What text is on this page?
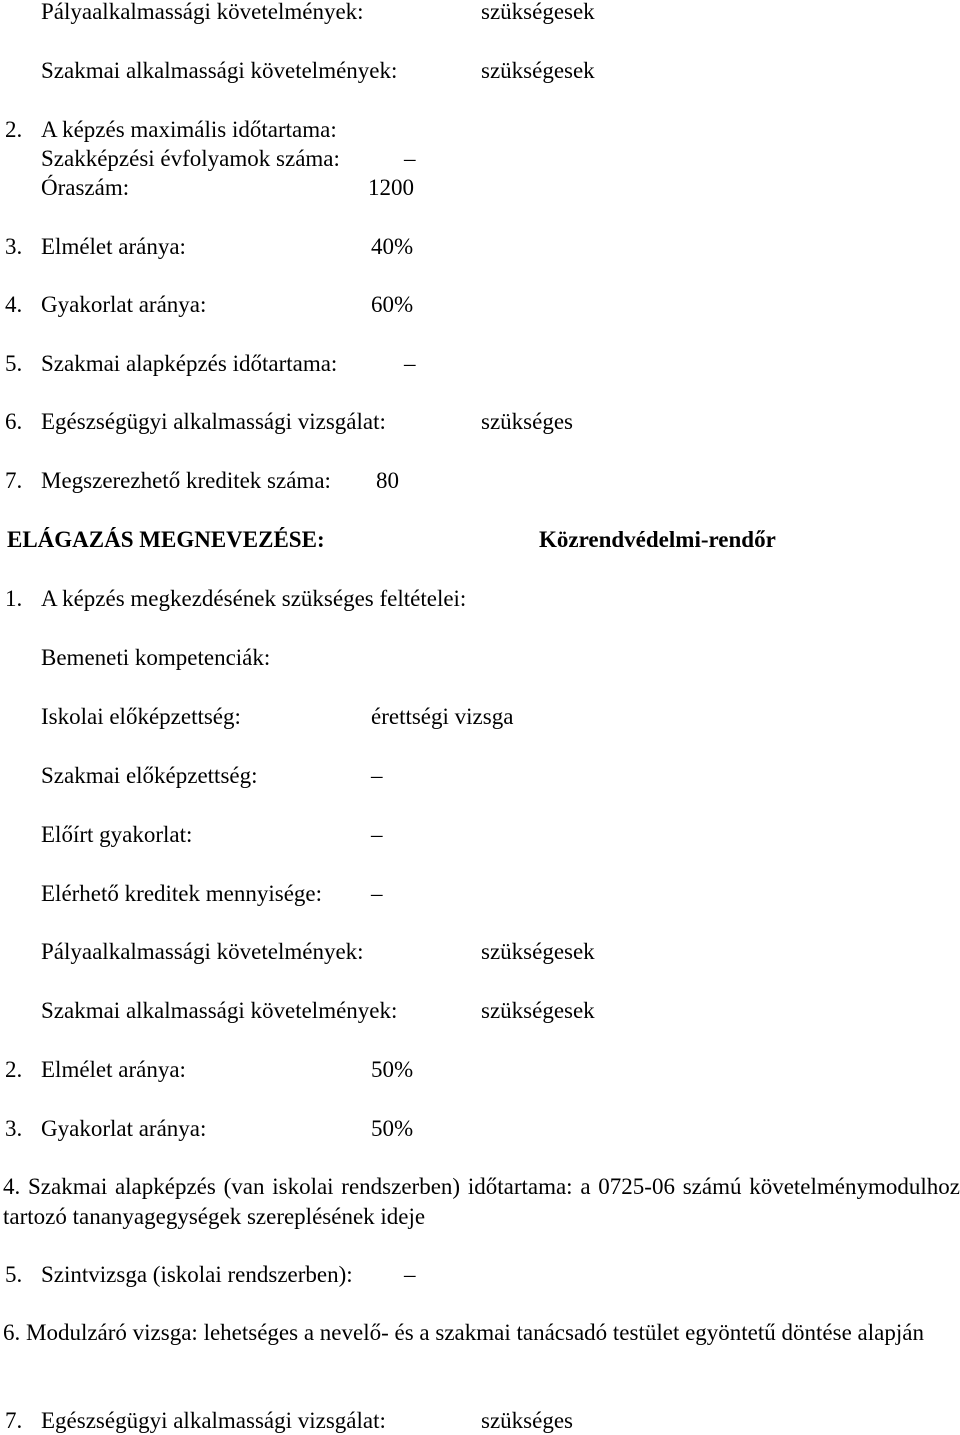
Pályaalkalmassági követelmények:	szükségesek
Szakmai alkalmassági követelmények:	szükségesek
2. A képzés maximális időtartama:
Szakképzési évfolyamok száma:	–
Óraszám:	1200
3. Elmélet aránya:	40%
4. Gyakorlat aránya:	60%
5. Szakmai alapképzés időtartama:	–
6. Egészségügyi alkalmassági vizsgálat:	szükséges
7. Megszerezhető kreditek száma: 80
ELÁGAZÁS MEGNEVEZÉSE:	Közrendvédelmi-rendőr
1. A képzés megkezdésének szükséges feltételei:
Bemeneti kompetenciák:
Iskolai előképzettség:	érettségi vizsga
Szakmai előképzettség:	–
Előírt gyakorlat:	–
Elérhető kreditek mennyisége: –
Pályaalkalmassági követelmények:	szükségesek
Szakmai alkalmassági követelmények:	szükségesek
2. Elmélet aránya:	50%
3. Gyakorlat aránya:	50%
4. Szakmai alapképzés (van iskolai rendszerben) időtartama: a 0725-06 számú követelménymodulhoz tartozó tananyagegységek szereplésének ideje
5. Szintvizsga (iskolai rendszerben): –
6. Modulzáró vizsga: lehetséges a nevelő- és a szakmai tanácsadó testület egyöntetű döntése alapján
7. Egészségügyi alkalmassági vizsgálat:	szükséges
